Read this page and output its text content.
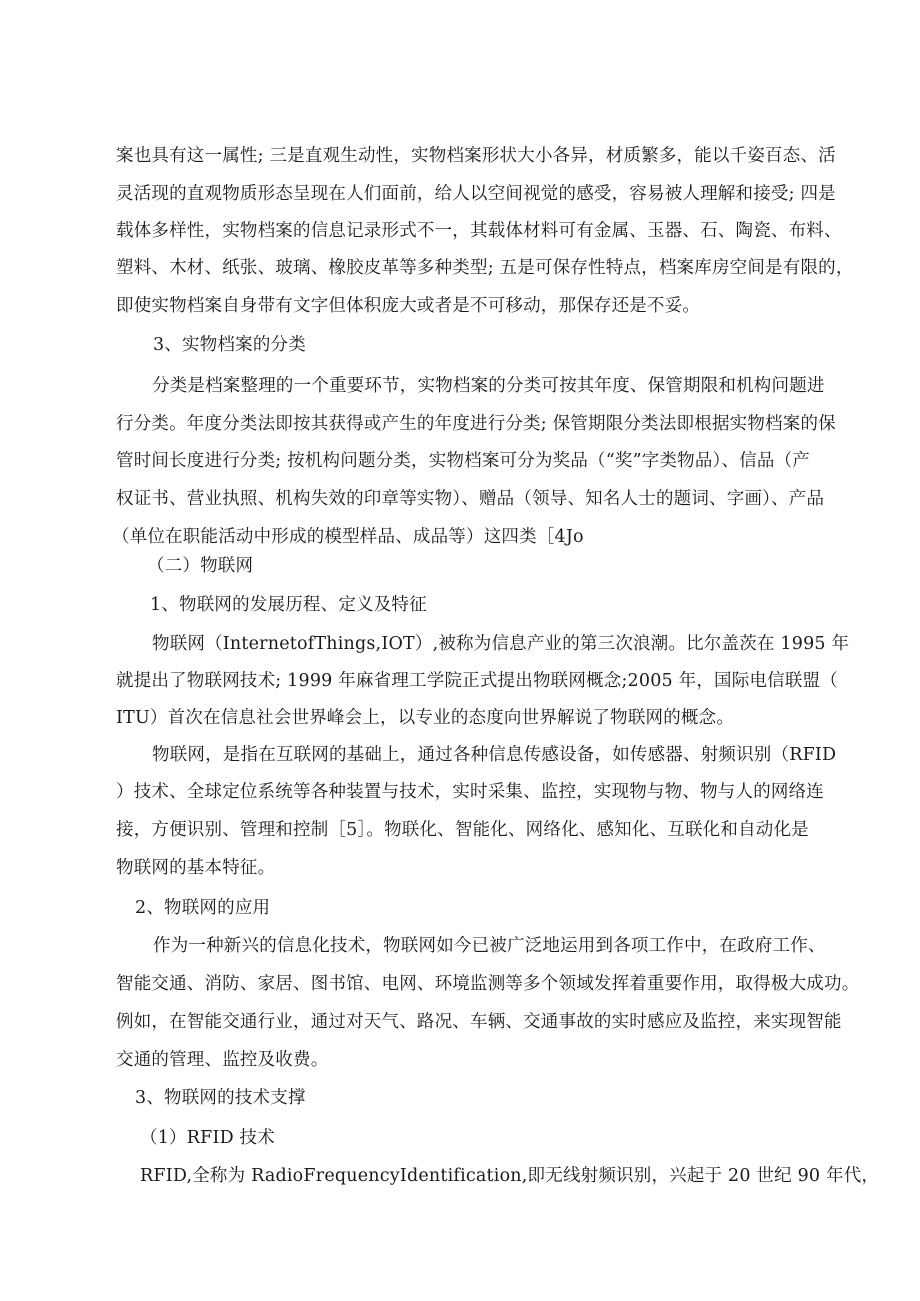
案也具有这一属性; 三是直观生动性，实物档案形状大小各异，材质繁多，能以千姿百态、活
灵活现的直观物质形态呈现在人们面前，给人以空间视觉的感受，容易被人理解和接受; 四是
载体多样性，实物档案的信息记录形式不一，其载体材料可有金属、玉器、石、陶瓷、布料、
塑料、木材、纸张、玻璃、橡胶皮革等多种类型; 五是可保存性特点，档案库房空间是有限的，
即使实物档案自身带有文字但体积庞大或者是不可移动，那保存还是不妥。
3、实物档案的分类
分类是档案整理的一个重要环节，实物档案的分类可按其年度、保管期限和机构问题进
行分类。年度分类法即按其获得或产生的年度进行分类; 保管期限分类法即根据实物档案的保
管时间长度进行分类; 按机构问题分类，实物档案可分为奖品（“奖”字类物品）、信品（产
权证书、营业执照、机构失效的印章等实物）、赠品（领导、知名人士的题词、字画）、产品
（单位在职能活动中形成的模型样品、成品等）这四类［4Jo
（二）物联网
1、物联网的发展历程、定义及特征
物联网（InternetofThings,IOT）,被称为信息产业的第三次浪潮。比尔盖茨在 1995 年
就提出了物联网技术; 1999 年麻省理工学院正式提出物联网概念;2005 年，国际电信联盟（
ITU）首次在信息社会世界峰会上，以专业的态度向世界解说了物联网的概念。
物联网，是指在互联网的基础上，通过各种信息传感设备，如传感器、射频识别（RFID
）技术、全球定位系统等各种装置与技术，实时采集、监控，实现物与物、物与人的网络连
接，方便识别、管理和控制［5］。物联化、智能化、网络化、感知化、互联化和自动化是
物联网的基本特征。
2、物联网的应用
作为一种新兴的信息化技术，物联网如今已被广泛地运用到各项工作中，在政府工作、
智能交通、消防、家居、图书馆、电网、环境监测等多个领域发挥着重要作用，取得极大成功。
例如，在智能交通行业，通过对天气、路况、车辆、交通事故的实时感应及监控，来实现智能
交通的管理、监控及收费。
3、物联网的技术支撑
（1）RFID 技术
RFID,全称为 RadioFrequencyIdentification,即无线射频识别，兴起于 20 世纪 90 年代，
